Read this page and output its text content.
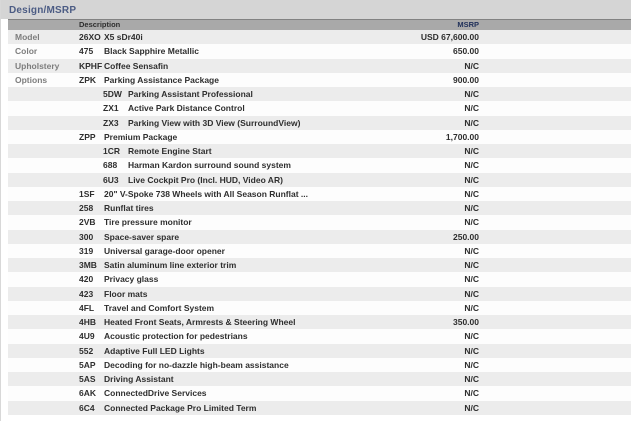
Design/MSRP
Description	MSRP
Model	26XO X5 sDr40i	USD 67,600.00
Color	475 Black Sapphire Metallic	650.00
Upholstery	KPHF Coffee Sensafin	N/C
Options	ZPK Parking Assistance Package	900.00
5DW Parking Assistant Professional	N/C
ZX1 Active Park Distance Control	N/C
ZX3 Parking View with 3D View (SurroundView)	N/C
ZPP Premium Package	1,700.00
1CR Remote Engine Start	N/C
688 Harman Kardon surround sound system	N/C
6U3 Live Cockpit Pro (Incl. HUD, Video AR)	N/C
1SF 20" V-Spoke 738 Wheels with All Season Runflat ...	N/C
258 Runflat tires	N/C
2VB Tire pressure monitor	N/C
300 Space-saver spare	250.00
319 Universal garage-door opener	N/C
3MB Satin aluminum line exterior trim	N/C
420 Privacy glass	N/C
423 Floor mats	N/C
4FL Travel and Comfort System	N/C
4HB Heated Front Seats, Armrests & Steering Wheel	350.00
4U9 Acoustic protection for pedestrians	N/C
552 Adaptive Full LED Lights	N/C
5AP Decoding for no-dazzle high-beam assistance	N/C
5AS Driving Assistant	N/C
6AK ConnectedDrive Services	N/C
6C4 Connected Package Pro Limited Term	N/C
